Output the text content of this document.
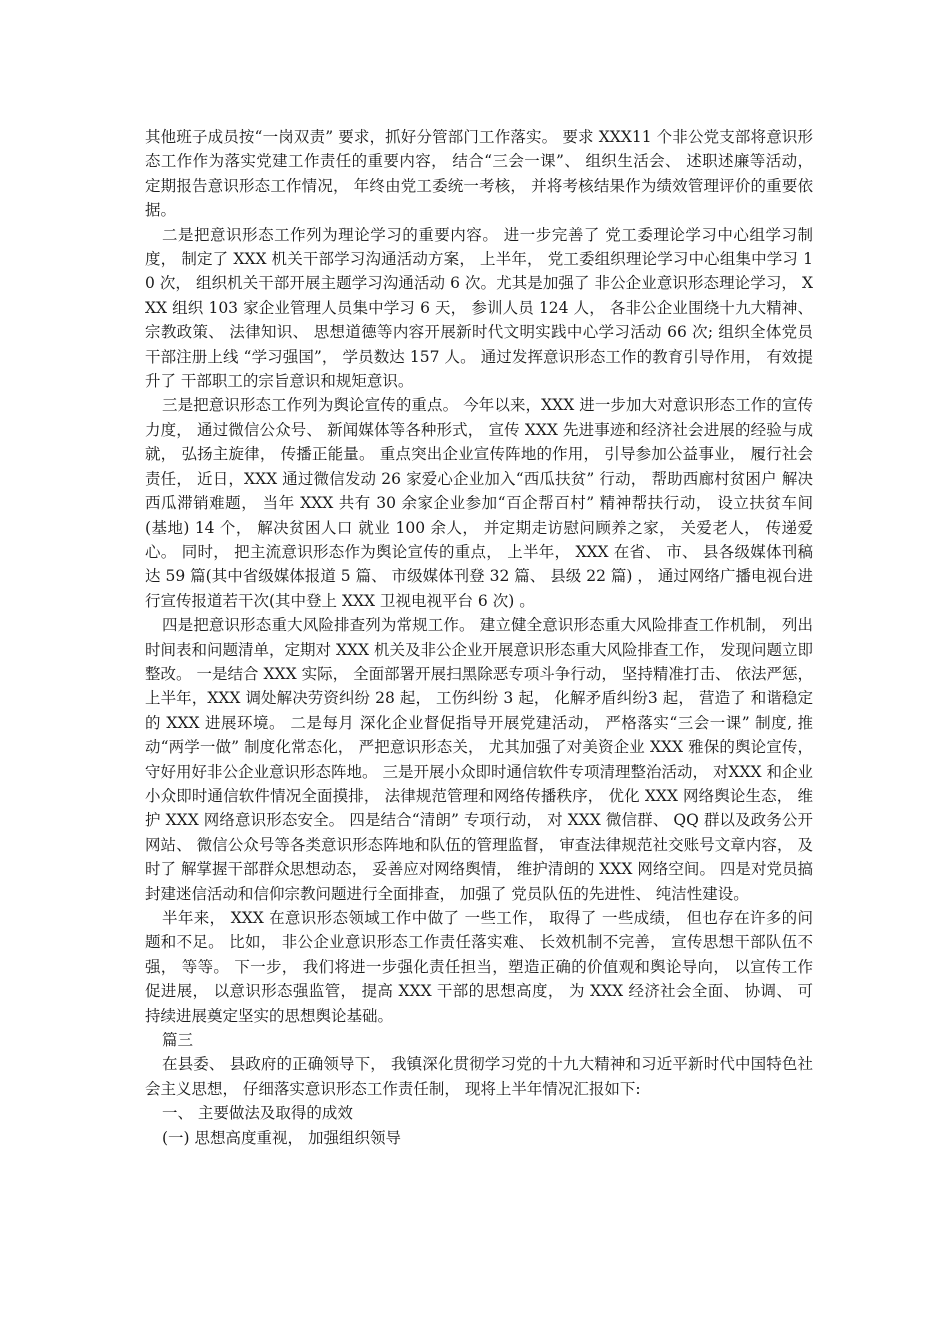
其他班子成员按“一岗双责” 要求，抓好分管部门工作落实。 要求 XXX11 个非公党支部将意识形态工作作为落实党建工作责任的重要内容， 结合“三会一课”、 组织生活会、 述职述廉等活动， 定期报告意识形态工作情况， 年终由党工委统一考核， 并将考核结果作为绩效管理评价的重要依据。

二是把意识形态工作列为理论学习的重要内容。 进一步完善了 党工委理论学习中心组学习制度， 制定了 XXX 机关干部学习沟通活动方案， 上半年， 党工委组织理论学习中心组集中学习 10 次， 组织机关干部开展主题学习沟通活动 6 次。尤其是加强了 非公企业意识形态理论学习， XXX 组织 103 家企业管理人员集中学习 6 天， 参训人员 124 人， 各非公企业围绕十九大精神、 宗教政策、 法律知识、 思想道德等内容开展新时代文明实践中心学习活动 66 次; 组织全体党员干部注册上线 “学习强国”， 学员数达 157 人。 通过发挥意识形态工作的教育引导作用， 有效提升了 干部职工的宗旨意识和规矩意识。

三是把意识形态工作列为舆论宣传的重点。 今年以来，XXX 进一步加大对意识形态工作的宣传力度， 通过微信公众号、 新闻媒体等各种形式， 宣传 XXX 先进事迹和经济社会进展的经验与成就， 弘扬主旋律， 传播正能量。 重点突出企业宣传阵地的作用， 引导参加公益事业， 履行社会责任， 近日，XXX 通过微信发动 26 家爱心企业加入“西瓜扶贫” 行动， 帮助西廊村贫困户 解决西瓜滞销难题， 当年 XXX 共有 30 余家企业参加“百企帮百村” 精神帮扶行动， 设立扶贫车间 (基地) 14 个， 解决贫困人口 就业 100 余人， 并定期走访慰问顾养之家， 关爱老人， 传递爱心。 同时， 把主流意识形态作为舆论宣传的重点， 上半年， XXX 在省、 市、 县各级媒体刊稿达 59 篇(其中省级媒体报道 5 篇、 市级媒体刊登 32 篇、 县级 22 篇) ， 通过网络广播电视台进行宣传报道若干次(其中登上 XXX 卫视电视平台 6 次) 。

四是把意识形态重大风险排查列为常规工作。 建立健全意识形态重大风险排查工作机制， 列出时间表和问题清单，定期对 XXX 机关及非公企业开展意识形态重大风险排查工作， 发现问题立即整改。 一是结合 XXX 实际， 全面部署开展扫黑除恶专项斗争行动， 坚持精准打击、 依法严惩， 上半年，XXX 调处解决劳资纠纷 28 起， 工伤纠纷 3 起， 化解矛盾纠纷3 起， 营造了 和谐稳定的 XXX 进展环境。 二是每月 深化企业督促指导开展党建活动， 严格落实“三会一课” 制度, 推动“两学一做” 制度化常态化， 严把意识形态关， 尤其加强了对美资企业 XXX 雅保的舆论宣传， 守好用好非公企业意识形态阵地。 三是开展小众即时通信软件专项清理整治活动， 对XXX 和企业小众即时通信软件情况全面摸排， 法律规范管理和网络传播秩序， 优化 XXX 网络舆论生态， 维护 XXX 网络意识形态安全。 四是结合“清朗” 专项行动， 对 XXX 微信群、 QQ 群以及政务公开网站、 微信公众号等各类意识形态阵地和队伍的管理监督， 审查法律规范社交账号文章内容， 及时了 解掌握干部群众思想动态， 妥善应对网络舆情， 维护清朗的 XXX 网络空间。 四是对党员搞封建迷信活动和信仰宗教问题进行全面排查， 加强了 党员队伍的先进性、 纯洁性建设。

半年来， XXX 在意识形态领域工作中做了 一些工作， 取得了 一些成绩， 但也存在许多的问题和不足。 比如， 非公企业意识形态工作责任落实难、 长效机制不完善， 宣传思想干部队伍不强， 等等。 下一步， 我们将进一步强化责任担当，塑造正确的价值观和舆论导向， 以宣传工作促进展， 以意识形态强监管， 提高 XXX 干部的思想高度， 为 XXX 经济社会全面、 协调、 可持续进展奠定坚实的思想舆论基础。

篇三

在县委、 县政府的正确领导下， 我镇深化贯彻学习党的十九大精神和习近平新时代中国特色社会主义思想， 仔细落实意识形态工作责任制， 现将上半年情况汇报如下:

一、 主要做法及取得的成效

(一) 思想高度重视， 加强组织领导
